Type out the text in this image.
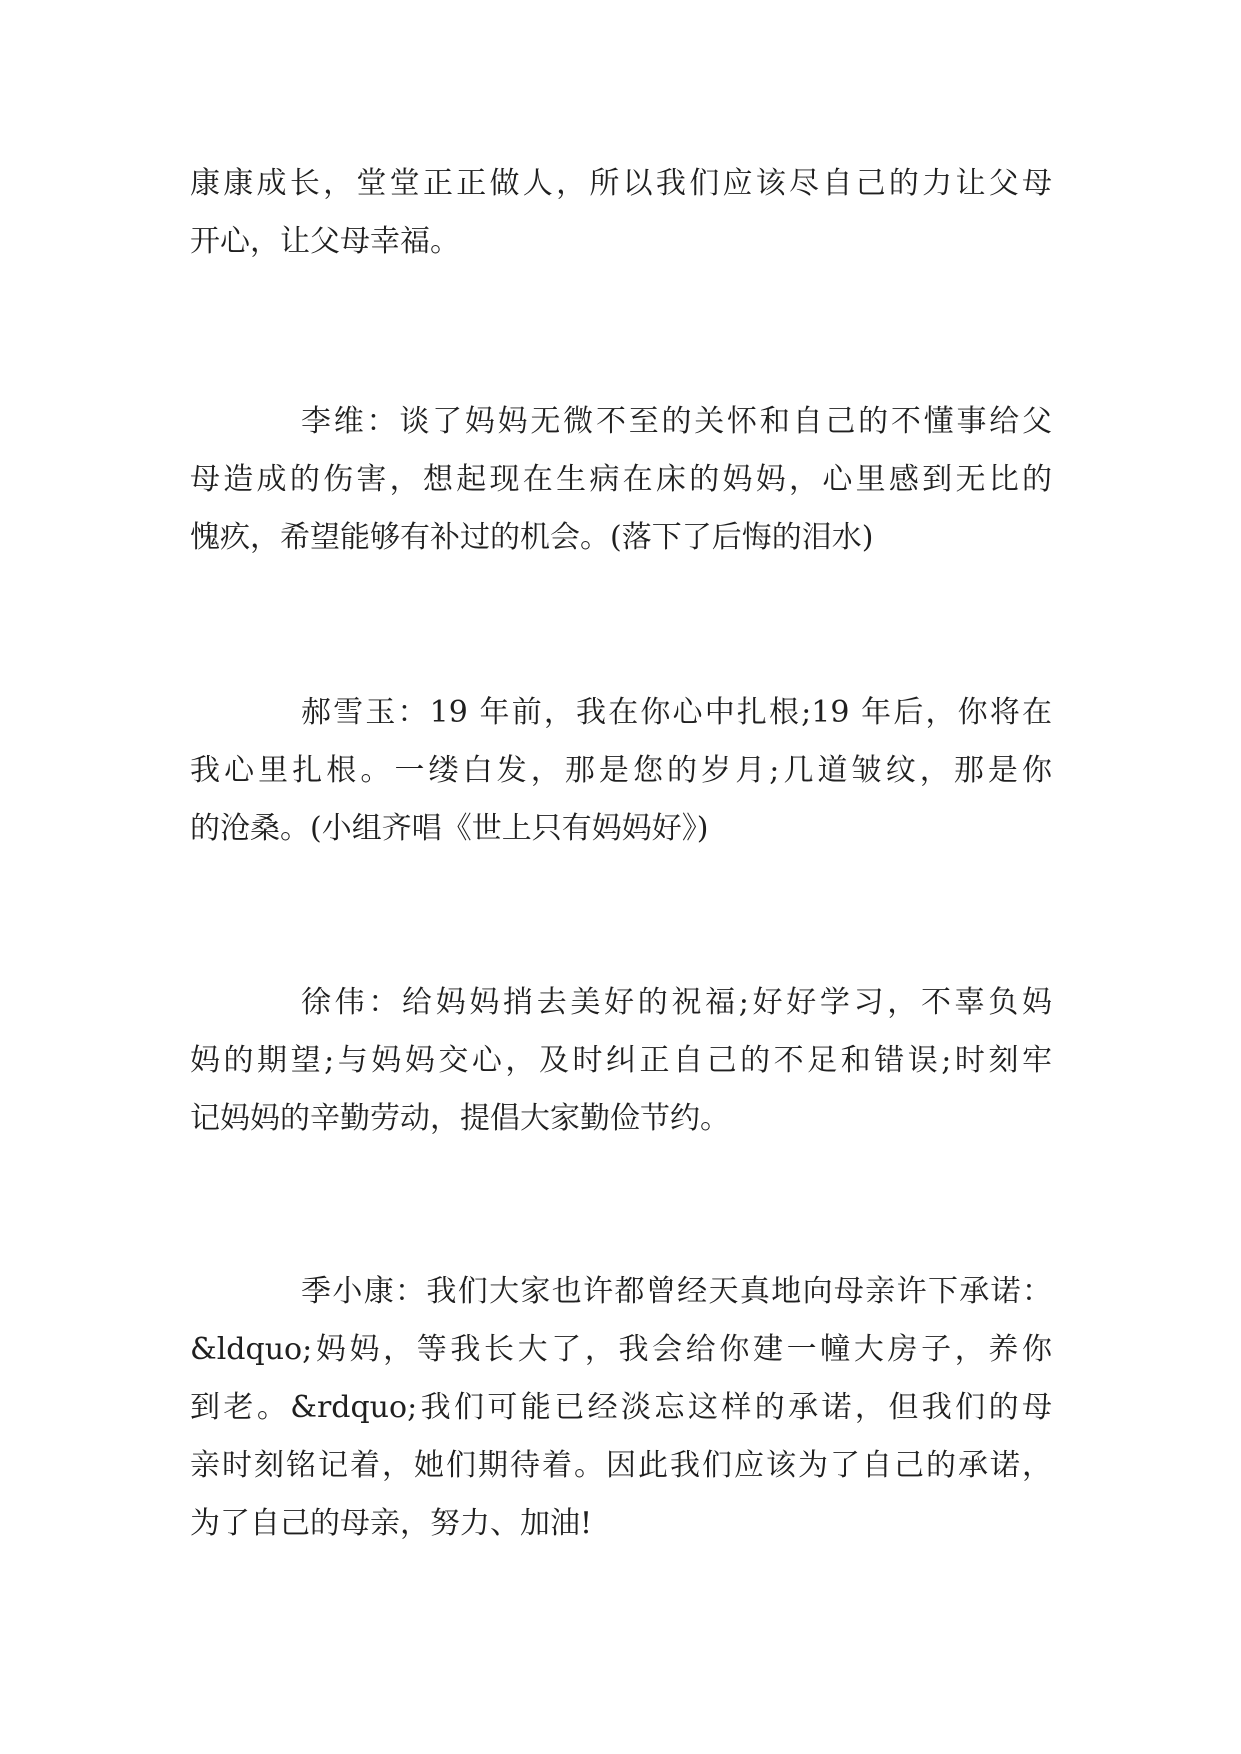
康康成长，堂堂正正做人，所以我们应该尽自己的力让父母
开心，让父母幸福。

李维：谈了妈妈无微不至的关怀和自己的不懂事给父
母造成的伤害，想起现在生病在床的妈妈，心里感到无比的
愧疚，希望能够有补过的机会。(落下了后悔的泪水)

郝雪玉：19 年前，我在你心中扎根;19 年后，你将在
我心里扎根。一缕白发，那是您的岁月;几道皱纹，那是你
的沧桑。(小组齐唱《世上只有妈妈好》)

徐伟：给妈妈捎去美好的祝福;好好学习，不辜负妈
妈的期望;与妈妈交心，及时纠正自己的不足和错误;时刻牢
记妈妈的辛勤劳动，提倡大家勤俭节约。

季小康：我们大家也许都曾经天真地向母亲许下承诺：
&ldquo;妈妈，等我长大了，我会给你建一幢大房子，养你
到老。&rdquo;我们可能已经淡忘这样的承诺，但我们的母
亲时刻铭记着，她们期待着。因此我们应该为了自己的承诺，
为了自己的母亲，努力、加油!
